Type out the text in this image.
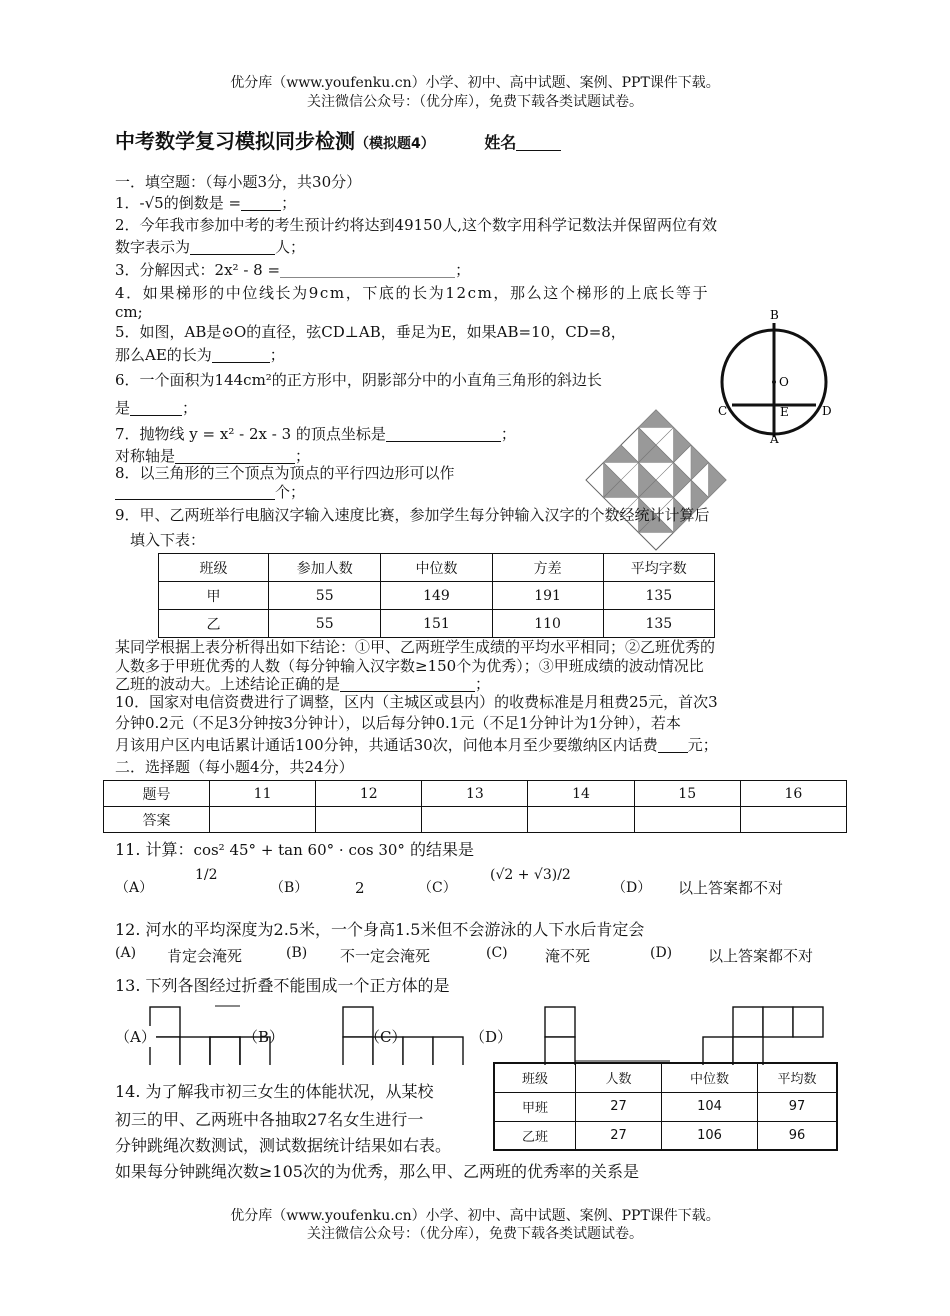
优分库（www.youfenku.cn）小学、初中、高中试题、案例、PPT课件下载。
关注微信公众号：（优分库），免费下载各类试题试卷。
中考数学复习模拟同步检测（模拟题4）	姓名
一．填空题：（每小题3分，共30分）
1．-√5的倒数是 =	；
2．今年我市参加中考的考生预计约将达到49150人,这个数字用科学记数法并保留两位有效
数字表示为	人；
3．分解因式：2x² - 8 =	；
4．如果梯形的中位线长为9cm，下底的长为12cm，那么这个梯形的上底长等于
cm;
5．如图，AB是⊙O的直径，弦CD⊥AB，垂足为E，如果AB=10，CD=8，
那么AE的长为	；
6．一个面积为144cm²的正方形中，阴影部分中的小直角三角形的斜边长
是	；
7．抛物线 y = x² - 2x - 3 的顶点坐标是	；
对称轴是	；
8．以三角形的三个顶点为顶点的平行四边形可以作
个；
B
O
C	E	D
A
9．甲、乙两班举行电脑汉字输入速度比赛，参加学生每分钟输入汉字的个数经统计计算后
填入下表：
班级	参加人数	中位数	方差	平均字数
甲	55	149	191	135
乙	55	151	110	135
某同学根据上表分析得出如下结论：①甲、乙两班学生成绩的平均水平相同；②乙班优秀的
人数多于甲班优秀的人数（每分钟输入汉字数≥150个为优秀）；③甲班成绩的波动情况比
乙班的波动大。上述结论正确的是	；
10．国家对电信资费进行了调整，区内（主城区或县内）的收费标准是月租费25元，首次3
分钟0.2元（不足3分钟按3分钟计），以后每分钟0.1元（不足1分钟计为1分钟），若本
月该用户区内电话累计通话100分钟，共通话30次，问他本月至少要缴纳区内话费 元；
二．选择题（每小题4分，共24分）
题号	11	12	13	14	15	16
答案						
11. 计算：cos² 45° + tan 60° · cos 30° 的结果是
（A）
1/2
（B）	2	（C）
(√2 + √3)/2
（D） 以上答案都不对
12. 河水的平均深度为2.5米，一个身高1.5米但不会游泳的人下水后肯定会
(A) 肯定会淹死	(B) 不一定会淹死	(C) 淹不死	(D) 以上答案都不对
13. 下列各图经过折叠不能围成一个正方体的是
（A）	（B）	（C）	（D）
14. 为了解我市初三女生的体能状况，从某校
初三的甲、乙两班中各抽取27名女生进行一
分钟跳绳次数测试，测试数据统计结果如右表。
如果每分钟跳绳次数≥105次的为优秀，那么甲、乙两班的优秀率的关系是
班级	人数	中位数	平均数
甲班	27	104	97
乙班	27	106	96
优分库（www.youfenku.cn）小学、初中、高中试题、案例、PPT课件下载。
关注微信公众号：（优分库），免费下载各类试题试卷。
